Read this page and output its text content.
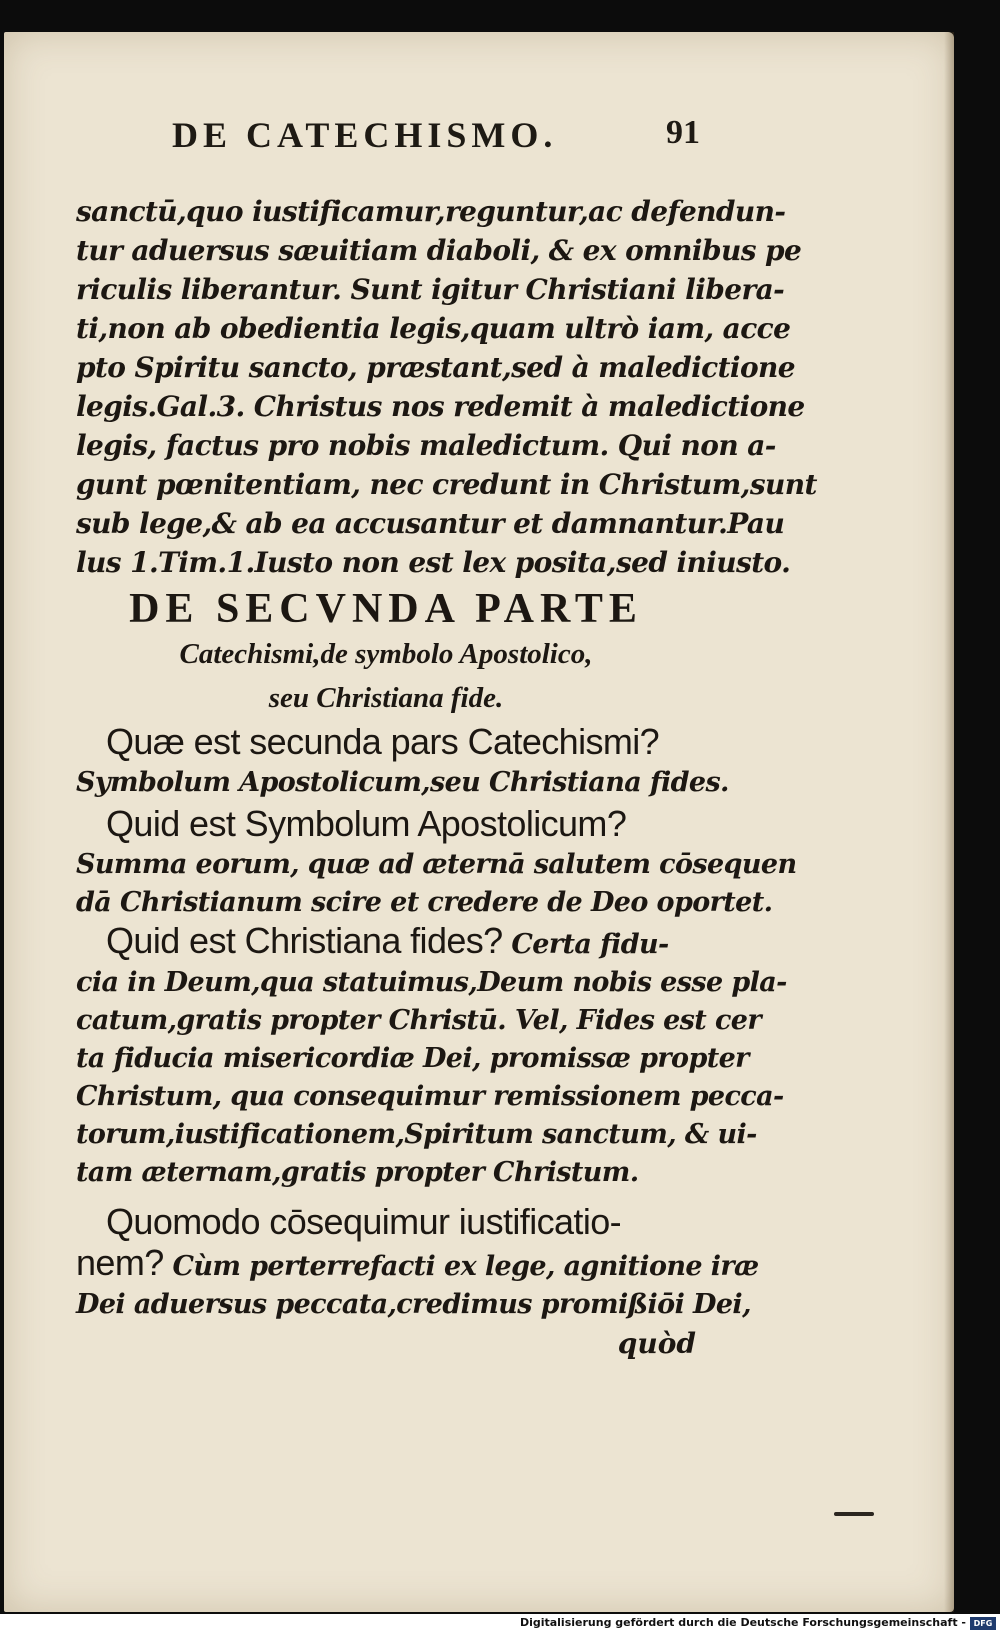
DE CATECHISMO.	91
sanctū,quo iustificamur,reguntur,ac defendun-
tur aduersus sæuitiam diaboli, & ex omnibus pe
riculis liberantur. Sunt igitur Christiani libera-
ti,non ab obedientia legis,quam ultrò iam, acce
pto Spiritu sancto, præstant,sed à maledictione
legis.Gal.3. Christus nos redemit à maledictione
legis, factus pro nobis maledictum. Qui non a-
gunt pœnitentiam, nec credunt in Christum,sunt
sub lege,& ab ea accusantur et damnantur.Pau
lus 1.Tim.1.Iusto non est lex posita,sed iniusto.
DE SECVNDA PARTE
Catechismi,de symbolo Apostolico,
seu Christiana fide.
Quæ est secunda pars Catechismi?
Symbolum Apostolicum,seu Christiana fides.
Quid est Symbolum Apostolicum?
Summa eorum, quæ ad æternā salutem cōsequen
dā Christianum scire et credere de Deo oportet.
Quid est Christiana fides? Certa fidu-
cia in Deum,qua statuimus,Deum nobis esse pla-
catum,gratis propter Christū. Vel, Fides est cer
ta fiducia misericordiæ Dei, promissæ propter
Christum, qua consequimur remissionem pecca-
torum,iustificationem,Spiritum sanctum, & ui-
tam æternam,gratis propter Christum.
Quomodo cōsequimur iustificatio-
nem? Cùm perterrefacti ex lege, agnitione iræ
Dei aduersus peccata,credimus promißiōi Dei,
quòd
Digitalisierung gefördert durch die Deutsche Forschungsgemeinschaft - DFG
